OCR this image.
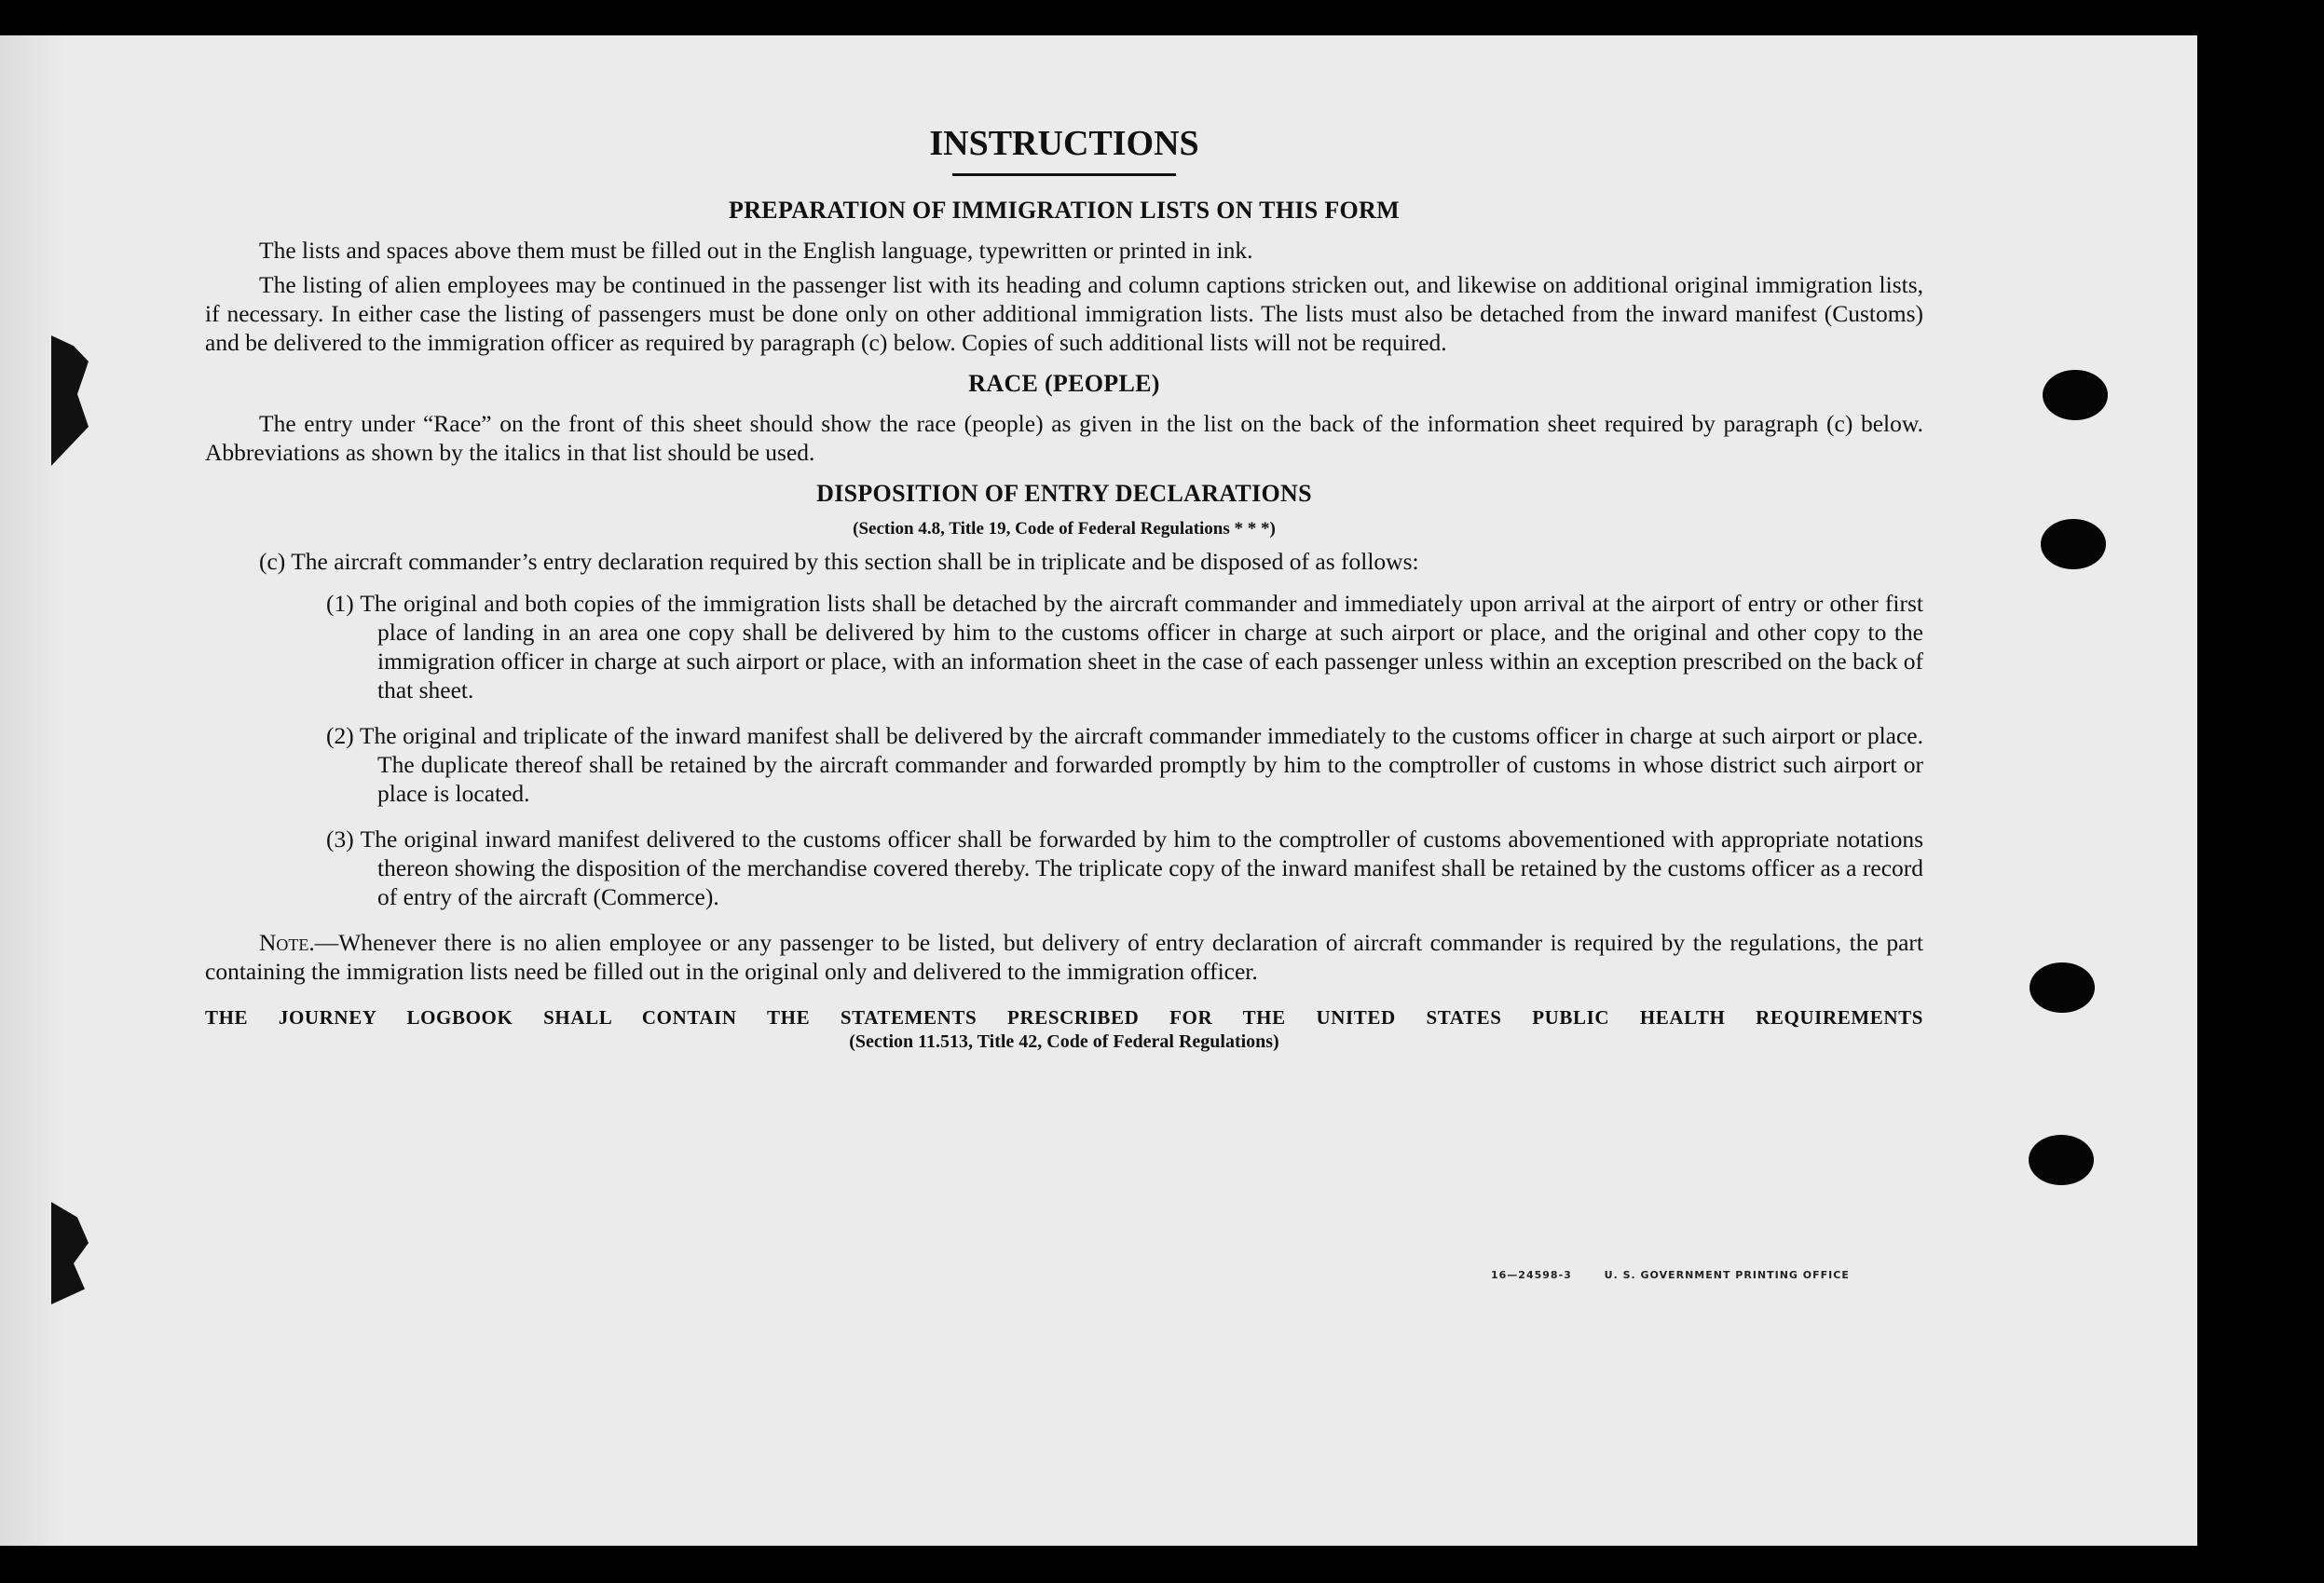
INSTRUCTIONS
PREPARATION OF IMMIGRATION LISTS ON THIS FORM

The lists and spaces above them must be filled out in the English language, typewritten or printed in ink.

The listing of alien employees may be continued in the passenger list with its heading and column captions stricken out, and likewise on additional original immigration lists, if necessary. In either case the listing of passengers must be done only on other additional immigration lists. The lists must also be detached from the inward manifest (Customs) and be delivered to the immigration officer as required by paragraph (c) below. Copies of such additional lists will not be required.

RACE (PEOPLE)

The entry under “Race” on the front of this sheet should show the race (people) as given in the list on the back of the information sheet required by paragraph (c) below. Abbreviations as shown by the italics in that list should be used.

DISPOSITION OF ENTRY DECLARATIONS
(Section 4.8, Title 19, Code of Federal Regulations * * *)

(c) The aircraft commander’s entry declaration required by this section shall be in triplicate and be disposed of as follows:

(1) The original and both copies of the immigration lists shall be detached by the aircraft commander and immediately upon arrival at the airport of entry or other first place of landing in an area one copy shall be delivered by him to the customs officer in charge at such airport or place, and the original and other copy to the immigration officer in charge at such airport or place, with an information sheet in the case of each passenger unless within an exception prescribed on the back of that sheet.

(2) The original and triplicate of the inward manifest shall be delivered by the aircraft commander immediately to the customs officer in charge at such airport or place. The duplicate thereof shall be retained by the aircraft commander and forwarded promptly by him to the comptroller of customs in whose district such airport or place is located.

(3) The original inward manifest delivered to the customs officer shall be forwarded by him to the comptroller of customs abovementioned with appropriate notations thereon showing the disposition of the merchandise covered thereby. The triplicate copy of the inward manifest shall be retained by the customs officer as a record of entry of the aircraft (Commerce).

Note.—Whenever there is no alien employee or any passenger to be listed, but delivery of entry declaration of aircraft commander is required by the regulations, the part containing the immigration lists need be filled out in the original only and delivered to the immigration officer.

THE JOURNEY LOGBOOK SHALL CONTAIN THE STATEMENTS PRESCRIBED FOR THE UNITED STATES PUBLIC HEALTH REQUIREMENTS
(Section 11.513, Title 42, Code of Federal Regulations)
16—24598-3	U. S. GOVERNMENT PRINTING OFFICE
